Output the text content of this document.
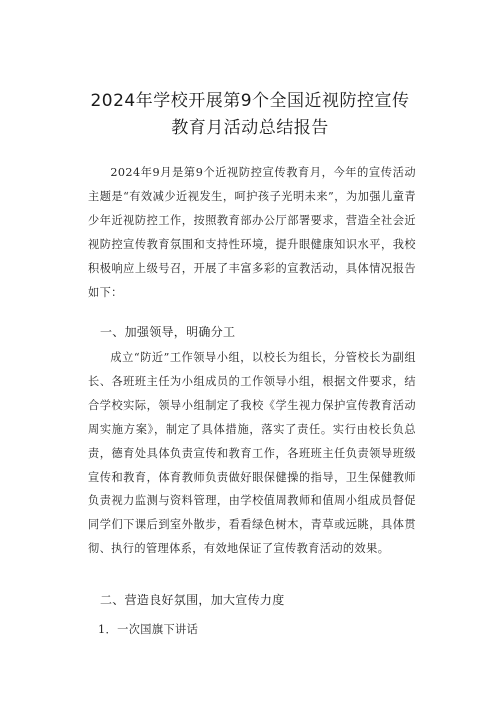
2024年学校开展第9个全国近视防控宣传
教育月活动总结报告
2024年9月是第9个近视防控宣传教育月，今年的宣传活动主题是“有效减少近视发生，呵护孩子光明未来”，为加强儿童青少年近视防控工作，按照教育部办公厅部署要求，营造全社会近视防控宣传教育氛围和支持性环境，提升眼健康知识水平，我校积极响应上级号召，开展了丰富多彩的宣教活动，具体情况报告如下：
一、加强领导，明确分工
成立“防近”工作领导小组，以校长为组长，分管校长为副组长、各班班主任为小组成员的工作领导小组，根据文件要求，结合学校实际，领导小组制定了我校《学生视力保护宣传教育活动周实施方案》，制定了具体措施，落实了责任。实行由校长负总责，德育处具体负责宣传和教育工作，各班班主任负责领导班级宣传和教育，体育教师负责做好眼保健操的指导，卫生保健教师负责视力监测与资料管理，由学校值周教师和值周小组成员督促同学们下课后到室外散步，看看绿色树木，青草或远眺，具体贯彻、执行的管理体系，有效地保证了宣传教育活动的效果。
二、营造良好氛围，加大宣传力度
1．一次国旗下讲话
